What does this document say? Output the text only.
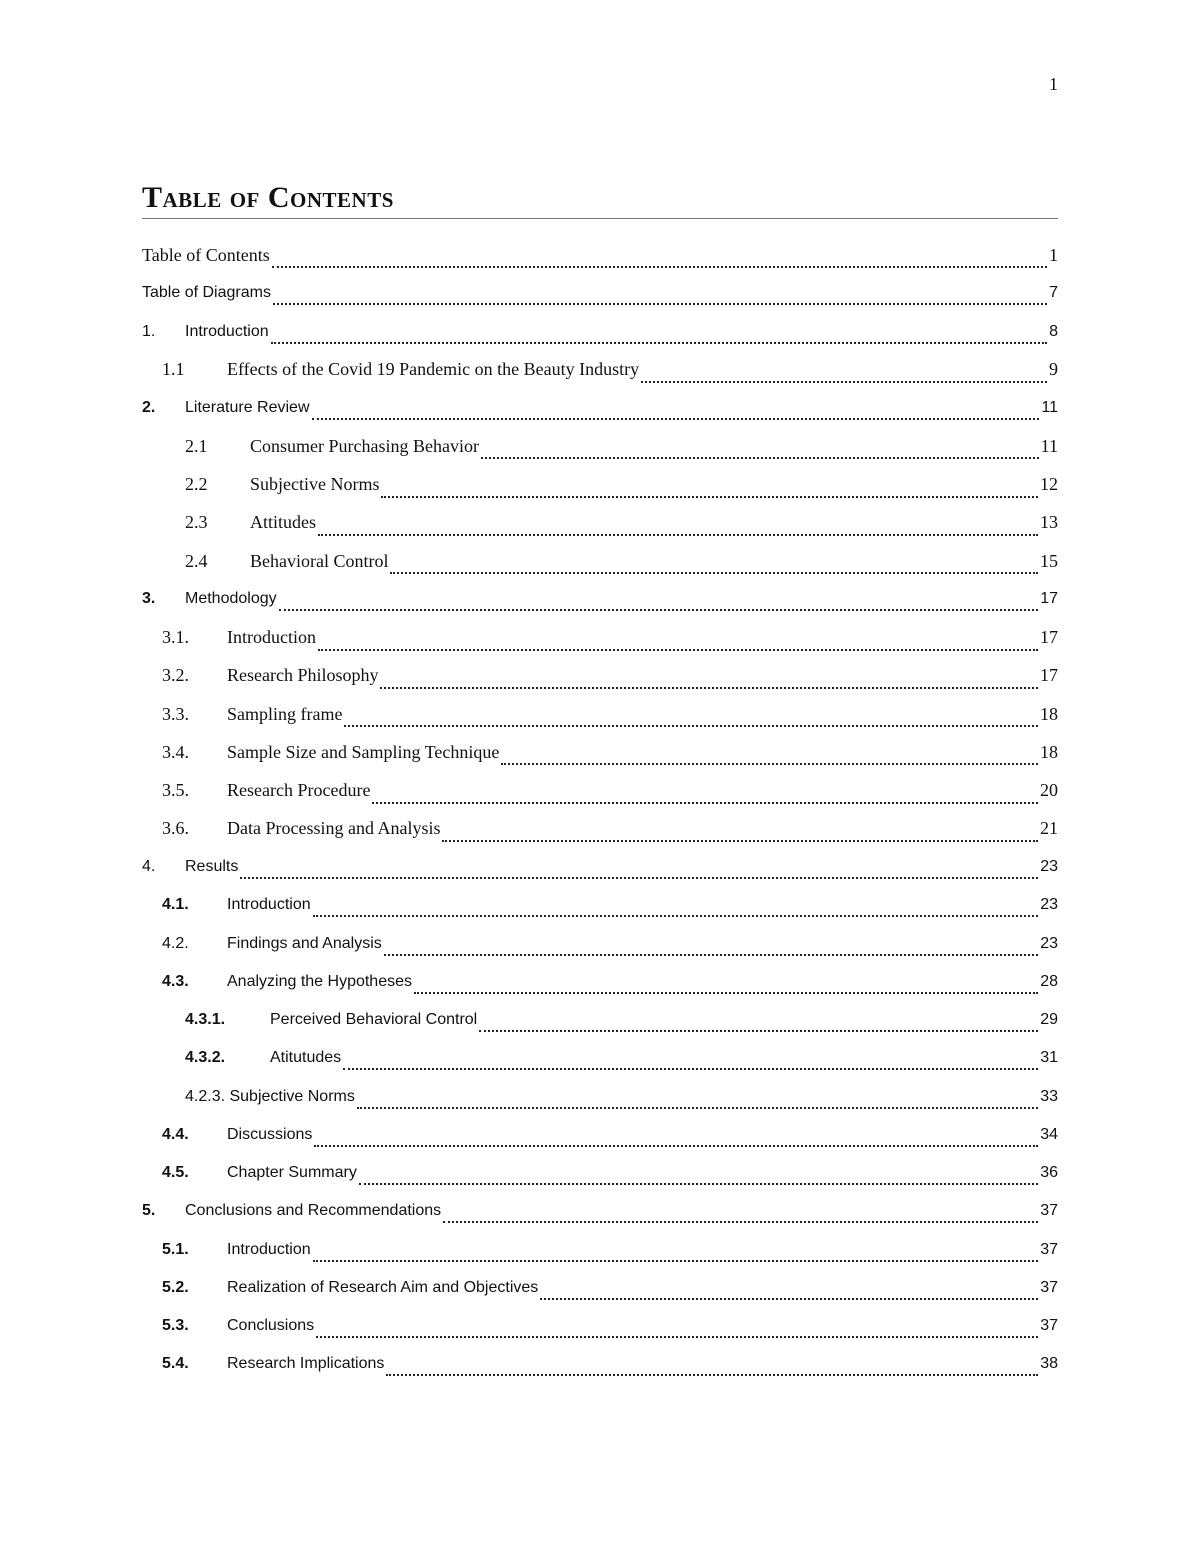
1
Table of Contents
Table of Contents	1
Table of Diagrams	7
1.	Introduction	8
1.1	Effects of the Covid 19 Pandemic on the Beauty Industry	9
2.	Literature Review	11
2.1	Consumer Purchasing Behavior	11
2.2	Subjective Norms	12
2.3	Attitudes	13
2.4	Behavioral Control	15
3.	Methodology	17
3.1.	Introduction	17
3.2.	Research Philosophy	17
3.3.	Sampling frame	18
3.4.	Sample Size and Sampling Technique	18
3.5.	Research Procedure	20
3.6.	Data Processing and Analysis	21
4.	Results	23
4.1.	Introduction	23
4.2.	Findings and Analysis	23
4.3.	Analyzing the Hypotheses	28
4.3.1.	Perceived Behavioral Control	29
4.3.2.	Atitutudes	31
4.2.3. Subjective Norms	33
4.4.	Discussions	34
4.5.	Chapter Summary	36
5.	Conclusions and Recommendations	37
5.1.	Introduction	37
5.2.	Realization of Research Aim and Objectives	37
5.3.	Conclusions	37
5.4.	Research Implications	38
